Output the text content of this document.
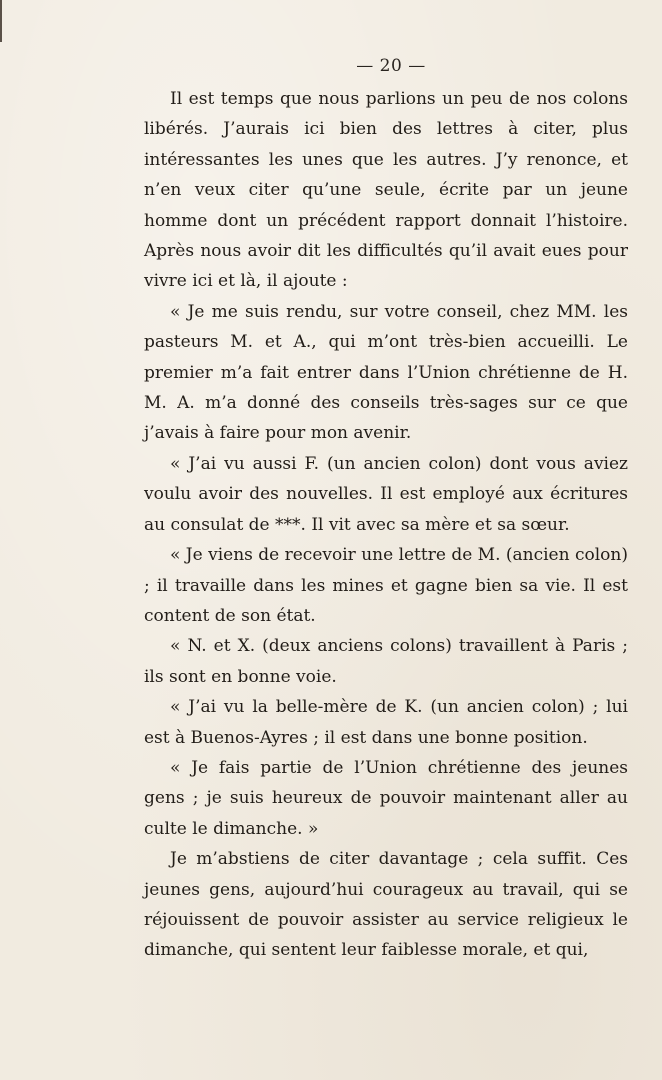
— 20 —

Il est temps que nous parlions un peu de nos colons libérés. J’aurais ici bien des lettres à citer, plus intéressantes les unes que les autres. J’y renonce, et n’en veux citer qu’une seule, écrite par un jeune homme dont un précédent rapport donnait l’histoire. Après nous avoir dit les difficultés qu’il avait eues pour vivre ici et là, il ajoute :

« Je me suis rendu, sur votre conseil, chez MM. les pasteurs M. et A., qui m’ont très-bien accueilli. Le premier m’a fait entrer dans l’Union chrétienne de H. M. A. m’a donné des conseils très-sages sur ce que j’avais à faire pour mon avenir.

« J’ai vu aussi F. (un ancien colon) dont vous aviez voulu avoir des nouvelles. Il est employé aux écritures au consulat de ***. Il vit avec sa mère et sa sœur.

« Je viens de recevoir une lettre de M. (ancien colon) ; il travaille dans les mines et gagne bien sa vie. Il est content de son état.

« N. et X. (deux anciens colons) travaillent à Paris ; ils sont en bonne voie.

« J’ai vu la belle-mère de K. (un ancien colon) ; lui est à Buenos-Ayres ; il est dans une bonne position.

« Je fais partie de l’Union chrétienne des jeunes gens ; je suis heureux de pouvoir maintenant aller au culte le dimanche. »

Je m’abstiens de citer davantage ; cela suffit. Ces jeunes gens, aujourd’hui courageux au travail, qui se réjouissent de pouvoir assister au service religieux le dimanche, qui sentent leur faiblesse morale, et qui,
